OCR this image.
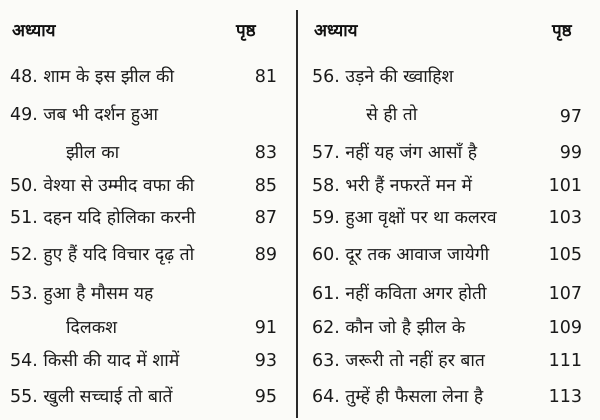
अध्याय	पृष्ठ
48. शाम के इस झील की	81
49. जब भी दर्शन हुआ
झील का	83
50. वेश्या से उम्मीद वफा की	85
51. दहन यदि होलिका करनी	87
52. हुए हैं यदि विचार दृढ़ तो	89
53. हुआ है मौसम यह
दिलकश	91
54. किसी की याद में शामें	93
55. खुली सच्चाई तो बातें	95
अध्याय	पृष्ठ
56. उड़ने की ख्वाहिश
से ही तो	97
57. नहीं यह जंग आसाँ है	99
58. भरी हैं नफरतें मन में	101
59. हुआ वृक्षों पर था कलरव	103
60. दूर तक आवाज जायेगी	105
61. नहीं कविता अगर होती	107
62. कौन जो है झील के	109
63. जरूरी तो नहीं हर बात	111
64. तुम्हें ही फैसला लेना है	113
